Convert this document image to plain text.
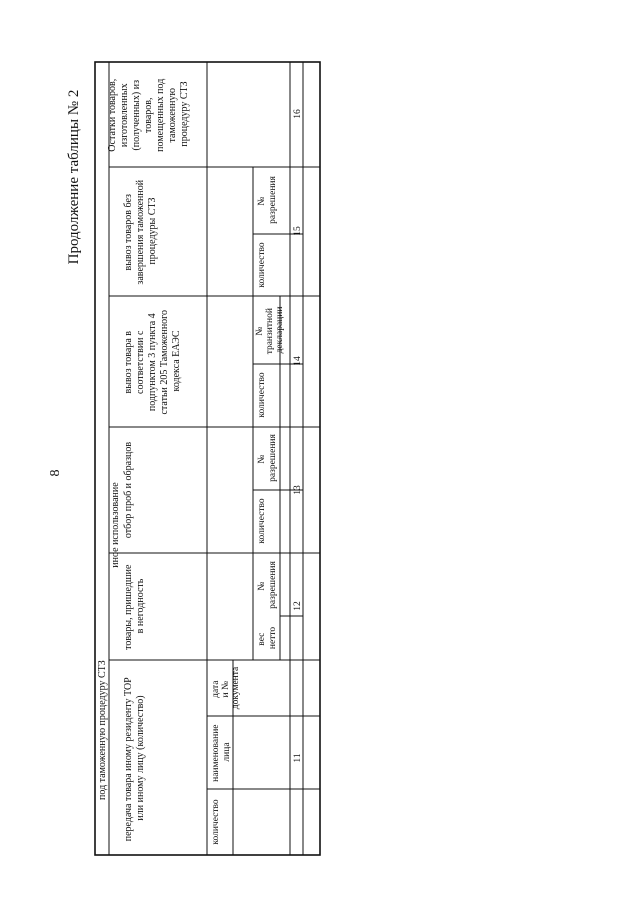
8
Продолжение таблицы № 2
под таможенную процедуру СТЗ передача товара иному резиденту ТОР или иному лицу (количество)
количество
наименование лица
дата и № документа
11
иное использование
товары, пришедшие в негодность
вес нетто
№ разрешения 12
отбор проб и образцов	количество
№ разрешения
13
вывоз товара в соответствии с подпунктом 3 пункта 4 статьи 205 Таможенного кодекса ЕАЭС
количество
№ транзитной декларации
14
вывоз товаров без завершения таможенной процедуры СТЗ
количество
№ разрешения
15
Остатки товаров, изготовленных (полученных) из товаров, помещенных под таможенную процедуру СТЗ	16
